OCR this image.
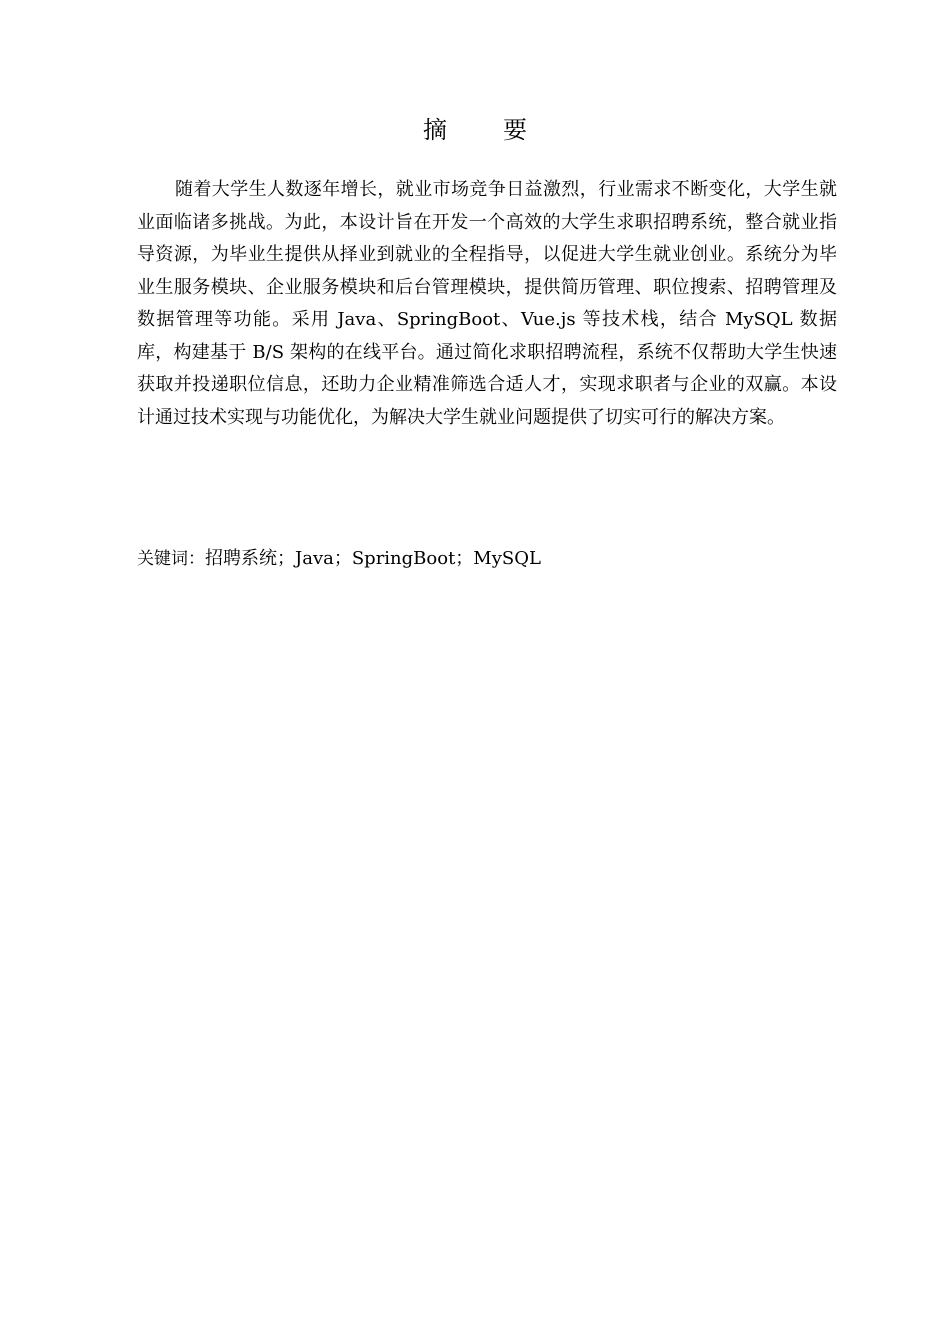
摘　要

随着大学生人数逐年增长，就业市场竞争日益激烈，行业需求不断变化，大学生就业面临诸多挑战。为此，本设计旨在开发一个高效的大学生求职招聘系统，整合就业指导资源，为毕业生提供从择业到就业的全程指导，以促进大学生就业创业。系统分为毕业生服务模块、企业服务模块和后台管理模块，提供简历管理、职位搜索、招聘管理及数据管理等功能。采用 Java、SpringBoot、Vue.js 等技术栈，结合 MySQL 数据库，构建基于 B/S 架构的在线平台。通过简化求职招聘流程，系统不仅帮助大学生快速获取并投递职位信息，还助力企业精准筛选合适人才，实现求职者与企业的双赢。本设计通过技术实现与功能优化，为解决大学生就业问题提供了切实可行的解决方案。

关键词：招聘系统；Java；SpringBoot；MySQL
